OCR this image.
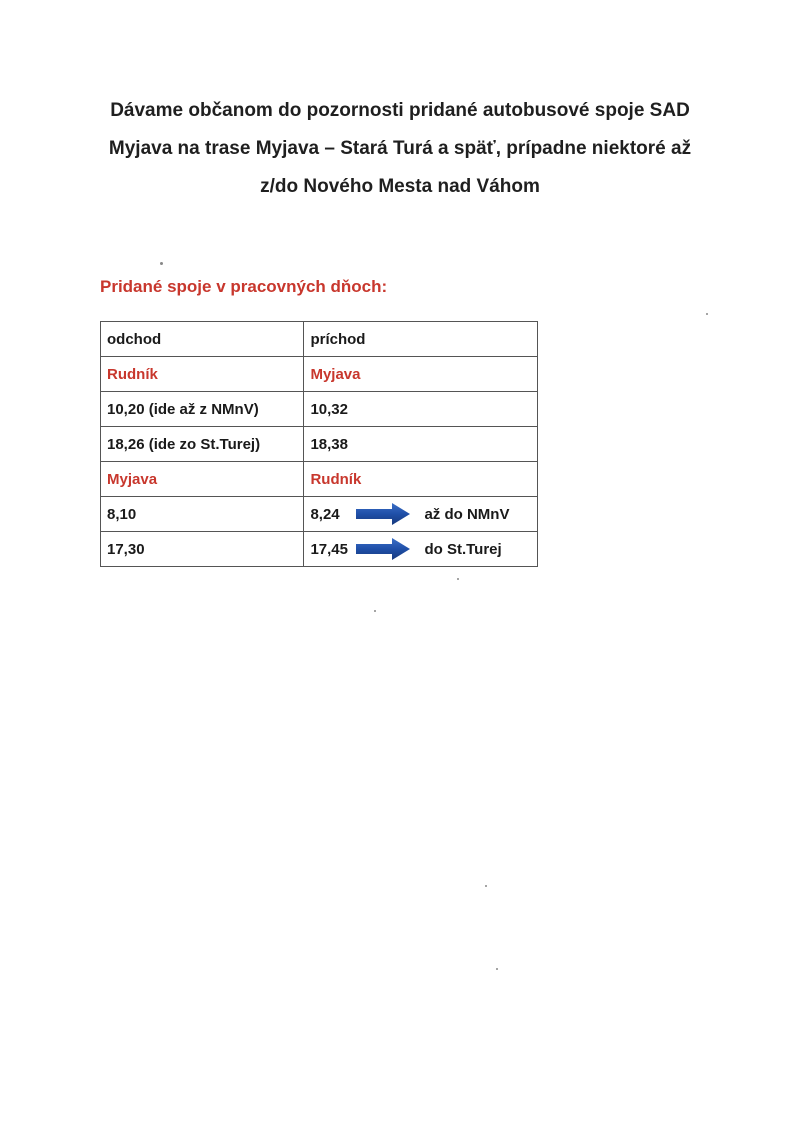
Dávame občanom do pozornosti pridané autobusové spoje SAD
Myjava na trase Myjava – Stará Turá a späť, prípadne niektoré až
z/do Nového Mesta nad Váhom
Pridané spoje v pracovných dňoch:
odchod	príchod
Rudník	Myjava
10,20 (ide až z NMnV)	10,32
18,26 (ide zo St.Turej)	18,38
Myjava	Rudník
8,10	8,24 až do NMnV

17,30	17,45 do St.Turej
